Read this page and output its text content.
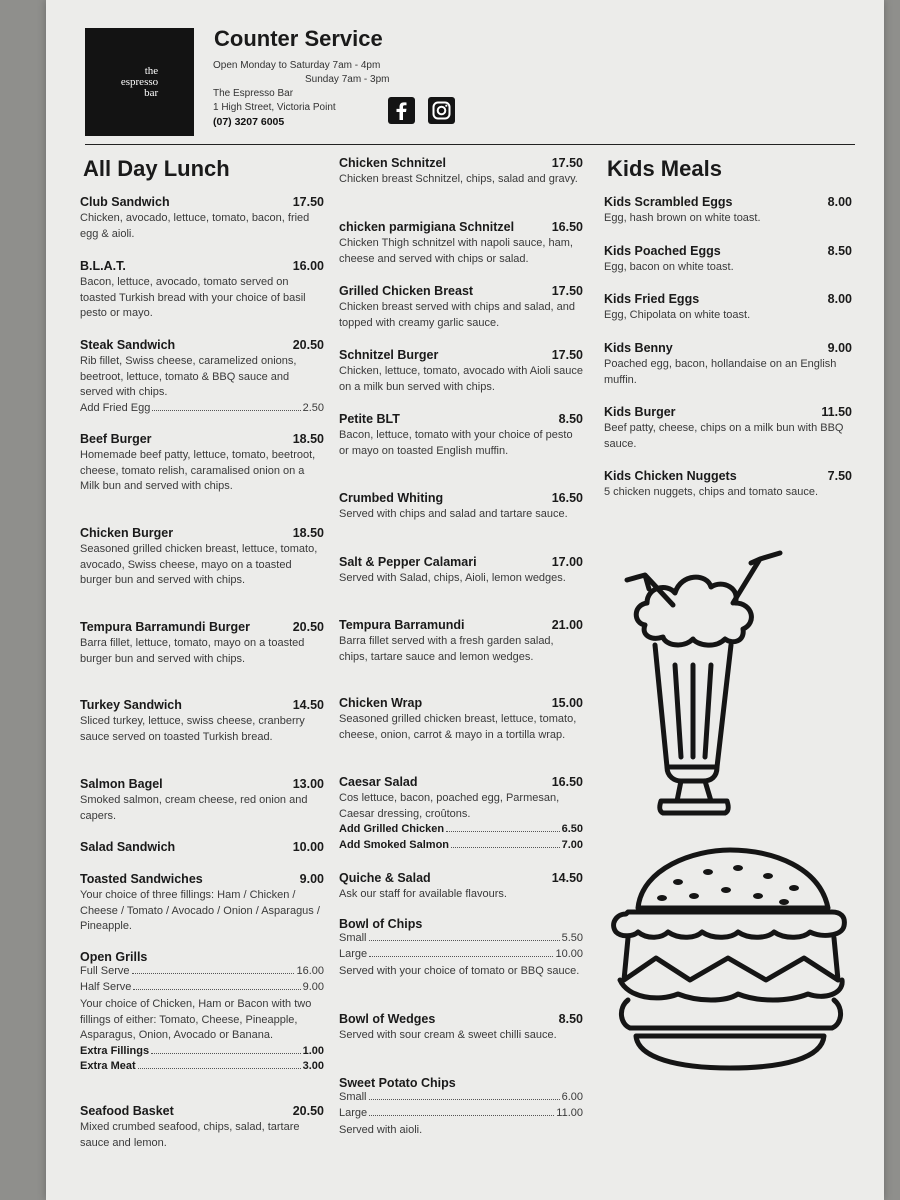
the
espresso
bar
Counter Service
Open Monday to Saturday 7am - 4pm
Sunday 7am - 3pm
The Espresso Bar
1 High Street, Victoria Point
(07) 3207 6005
All Day Lunch	Kids Meals
Club Sandwich	17.50
Chicken, avocado, lettuce, tomato, bacon, fried egg & aioli.
B.L.A.T.	16.00
Bacon, lettuce, avocado, tomato served on toasted Turkish bread with your choice of basil pesto or mayo.
Steak Sandwich	20.50
Rib fillet, Swiss cheese, caramelized onions, beetroot, lettuce, tomato & BBQ sauce and served with chips.
Add Fried Egg	2.50
Beef Burger	18.50
Homemade beef patty, lettuce, tomato, beetroot, cheese, tomato relish, caramalised onion on a Milk bun and served with chips.
Chicken Burger	18.50
Seasoned grilled chicken breast, lettuce, tomato, avocado, Swiss cheese, mayo on a toasted burger bun and served with chips.
Tempura Barramundi Burger	20.50
Barra fillet, lettuce, tomato, mayo on a toasted burger bun and served with chips.
Turkey Sandwich	14.50
Sliced turkey, lettuce, swiss cheese, cranberry sauce served on toasted Turkish bread.
Salmon Bagel	13.00
Smoked salmon, cream cheese, red onion and capers.
Salad Sandwich	10.00
Toasted Sandwiches	9.00
Your choice of three fillings: Ham / Chicken / Cheese / Tomato / Avocado / Onion / Asparagus / Pineapple.
Open Grills
Full Serve	16.00
Half Serve	9.00
Your choice of Chicken, Ham or Bacon with two fillings of either: Tomato, Cheese, Pineapple, Asparagus, Onion, Avocado or Banana.
Extra Fillings	1.00
Extra Meat	3.00
Seafood Basket	20.50
Mixed crumbed seafood, chips, salad, tartare sauce and lemon.
Chicken Schnitzel	17.50
Chicken breast Schnitzel, chips, salad and gravy.
chicken parmigiana Schnitzel	16.50
Chicken Thigh schnitzel with napoli sauce, ham, cheese and served with chips or salad.
Grilled Chicken Breast	17.50
Chicken breast served with chips and salad, and topped with creamy garlic sauce.
Schnitzel Burger	17.50
Chicken, lettuce, tomato, avocado with Aioli sauce on a milk bun served with chips.
Petite BLT	8.50
Bacon, lettuce, tomato with your choice of pesto or mayo on toasted English muffin.
Crumbed Whiting	16.50
Served with chips and salad and tartare sauce.
Salt & Pepper Calamari	17.00
Served with Salad, chips, Aioli, lemon wedges.
Tempura Barramundi	21.00
Barra fillet served with a fresh garden salad, chips, tartare sauce and lemon wedges.
Chicken Wrap	15.00
Seasoned grilled chicken breast, lettuce, tomato, cheese, onion, carrot & mayo in a tortilla wrap.
Caesar Salad	16.50
Cos lettuce, bacon, poached egg, Parmesan, Caesar dressing, croûtons.
Add Grilled Chicken	6.50
Add Smoked Salmon	7.00
Quiche & Salad	14.50
Ask our staff for available flavours.
Bowl of Chips
Small	5.50
Large	10.00
Served with your choice of tomato or BBQ sauce.
Bowl of Wedges	8.50
Served with sour cream & sweet chilli sauce.
Sweet Potato Chips
Small	6.00
Large	11.00
Served with aioli.
Kids Scrambled Eggs	8.00
Egg, hash brown on white toast.
Kids Poached Eggs	8.50
Egg, bacon on white toast.
Kids Fried Eggs	8.00
Egg, Chipolata on white toast.
Kids Benny	9.00
Poached egg, bacon, hollandaise on an English muffin.
Kids Burger	11.50
Beef patty, cheese, chips on a milk bun with BBQ sauce.
Kids Chicken Nuggets	7.50
5 chicken nuggets, chips and tomato sauce.
